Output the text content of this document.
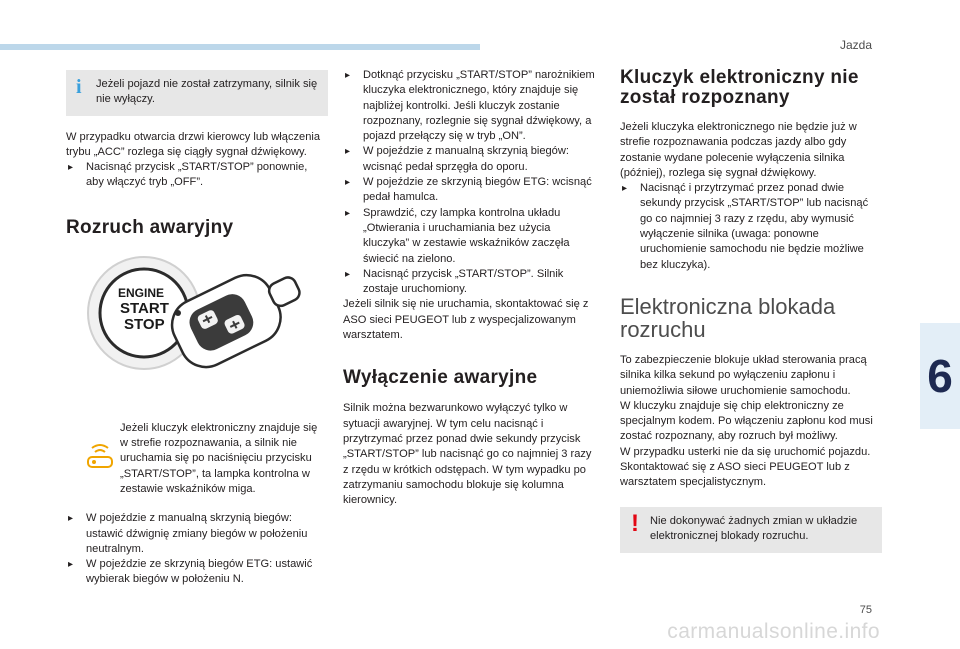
Jazda
6
75
carmanualsonline.info
i Jeżeli pojazd nie został zatrzymany, silnik się nie wyłączy.

W przypadku otwarcia drzwi kierowcy lub włączenia trybu „ACC” rozlega się ciągły sygnał dźwiękowy.

▸ Nacisnąć przycisk „START/STOP” ponownie, aby włączyć tryb „OFF”.

Rozruch awaryjny
ENGINE
START
STOP

Jeżeli kluczyk elektroniczny znajduje się w strefie rozpoznawania, a silnik nie uruchamia się po naciśnięciu przycisku „START/STOP”, ta lampka kontrolna w zestawie wskaźników miga.

▸ W pojeździe z manualną skrzynią biegów: ustawić dźwignię zmiany biegów w położeniu neutralnym.

▸ W pojeździe ze skrzynią biegów ETG: ustawić wybierak biegów w położeniu N.

▸ Dotknąć przycisku „START/STOP” narożnikiem kluczyka elektronicznego, który znajduje się najbliżej kontrolki. Jeśli kluczyk zostanie rozpoznany, rozlegnie się sygnał dźwiękowy, a pojazd przełączy się w tryb „ON”.

▸ W pojeździe z manualną skrzynią biegów: wcisnąć pedał sprzęgła do oporu.

▸ W pojeździe ze skrzynią biegów ETG: wcisnąć pedał hamulca.

▸ Sprawdzić, czy lampka kontrolna układu „Otwierania i uruchamiania bez użycia kluczyka” w zestawie wskaźników zaczęła świecić na zielono.

▸ Nacisnąć przycisk „START/STOP”. Silnik zostaje uruchomiony.

Jeżeli silnik się nie uruchamia, skontaktować się z ASO sieci PEUGEOT lub z wyspecjalizowanym warsztatem.

Wyłączenie awaryjne

Silnik można bezwarunkowo wyłączyć tylko w sytuacji awaryjnej. W tym celu nacisnąć i przytrzymać przez ponad dwie sekundy przycisk „START/STOP” lub nacisnąć go co najmniej 3 razy z rzędu w krótkich odstępach. W tym wypadku po zatrzymaniu samochodu blokuje się kolumna kierownicy.

Kluczyk elektroniczny nie został rozpoznany

Jeżeli kluczyka elektronicznego nie będzie już w strefie rozpoznawania podczas jazdy albo gdy zostanie wydane polecenie wyłączenia silnika (później), rozlega się sygnał dźwiękowy.

▸ Nacisnąć i przytrzymać przez ponad dwie sekundy przycisk „START/STOP” lub nacisnąć go co najmniej 3 razy z rzędu, aby wymusić wyłączenie silnika (uwaga: ponowne uruchomienie samochodu nie będzie możliwe bez kluczyka).

Elektroniczna blokada rozruchu

To zabezpieczenie blokuje układ sterowania pracą silnika kilka sekund po wyłączeniu zapłonu i uniemożliwia siłowe uruchomienie samochodu.

W kluczyku znajduje się chip elektroniczny ze specjalnym kodem. Po włączeniu zapłonu kod musi zostać rozpoznany, aby rozruch był możliwy.

W przypadku usterki nie da się uruchomić pojazdu.

Skontaktować się z ASO sieci PEUGEOT lub z warsztatem specjalistycznym.

! Nie dokonywać żadnych zmian w układzie elektronicznej blokady rozruchu.
